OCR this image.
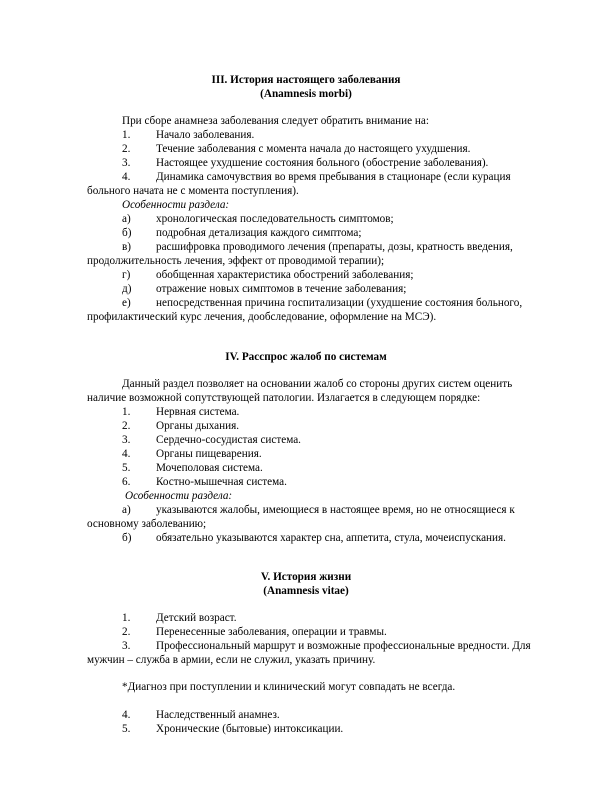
III. История настоящего заболевания
(Anamnesis morbi)
При сборе анамнеза заболевания следует обратить внимание на:
1. Начало заболевания.
2. Течение заболевания с момента начала до настоящего ухудшения.
3. Настоящее ухудшение состояния больного (обострение заболевания).
4. Динамика самочувствия во время пребывания в стационаре (если курация
больного начата не с момента поступления).
Особенности раздела:
а) хронологическая последовательность симптомов;
б) подробная детализация каждого симптома;
в) расшифровка проводимого лечения (препараты, дозы, кратность введения,
продолжительность лечения, эффект от проводимой терапии);
г) обобщенная характеристика обострений заболевания;
д) отражение новых симптомов в течение заболевания;
е) непосредственная причина госпитализации (ухудшение состояния больного,
профилактический курс лечения, дообследование, оформление на МСЭ).
IV. Расспрос жалоб по системам
Данный раздел позволяет на основании жалоб со стороны других систем оценить
наличие возможной сопутствующей патологии. Излагается в следующем порядке:
1. Нервная система.
2. Органы дыхания.
3. Сердечно-сосудистая система.
4. Органы пищеварения.
5. Мочеполовая система.
6. Костно-мышечная система.
Особенности раздела:
а) указываются жалобы, имеющиеся в настоящее время, но не относящиеся к
основному заболеванию;
б) обязательно указываются характер сна, аппетита, стула, мочеиспускания.
V. История жизни
(Anamnesis vitae)
1. Детский возраст.
2. Перенесенные заболевания, операции и травмы.
3. Профессиональный маршрут и возможные профессиональные вредности. Для
мужчин – служба в армии, если не служил, указать причину.
*Диагноз при поступлении и клинический могут совпадать не всегда.
4. Наследственный анамнез.
5. Хронические (бытовые) интоксикации.
